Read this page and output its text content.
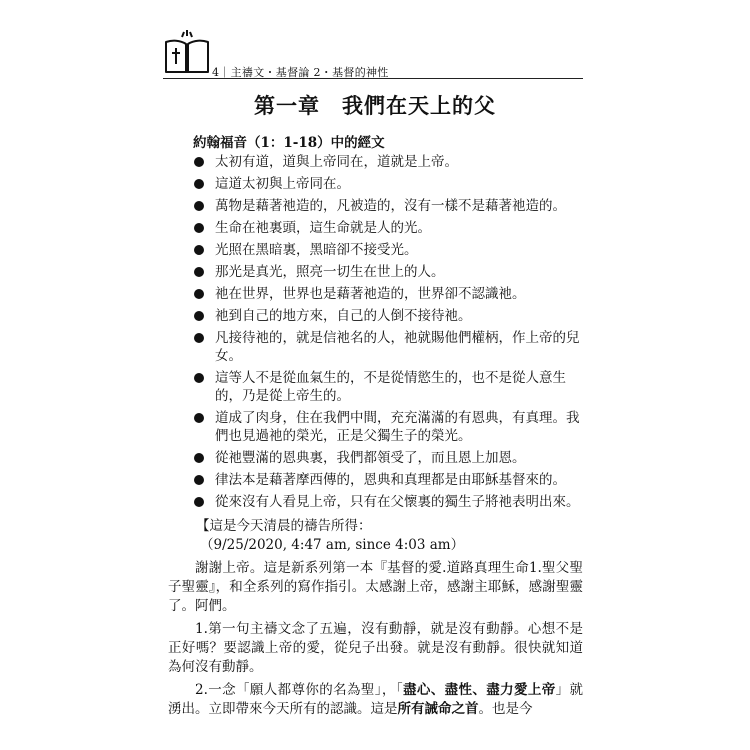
4｜主禱文・基督論 2・基督的神性
第一章　我們在天上的父
約翰福音（1：1-18）中的經文
太初有道，道與上帝同在，道就是上帝。
這道太初與上帝同在。
萬物是藉著祂造的，凡被造的，沒有一樣不是藉著祂造的。
生命在祂裏頭，這生命就是人的光。
光照在黑暗裏，黑暗卻不接受光。
那光是真光，照亮一切生在世上的人。
祂在世界，世界也是藉著祂造的，世界卻不認識祂。
祂到自己的地方來，自己的人倒不接待祂。
凡接待祂的，就是信祂名的人，祂就賜他們權柄，作上帝的兒女。
這等人不是從血氣生的，不是從情慾生的，也不是從人意生的，乃是從上帝生的。
道成了肉身，住在我們中間，充充滿滿的有恩典，有真理。我們也見過祂的榮光，正是父獨生子的榮光。
從祂豐滿的恩典裏，我們都領受了，而且恩上加恩。
律法本是藉著摩西傳的，恩典和真理都是由耶穌基督來的。
從來沒有人看見上帝，只有在父懷裏的獨生子將祂表明出來。

【這是今天清晨的禱告所得：

（9/25/2020, 4:47 am, since 4:03 am）

謝謝上帝。這是新系列第一本『基督的愛.道路真理生命1.聖父聖子聖靈』，和全系列的寫作指引。太感謝上帝，感謝主耶穌，感謝聖靈了。阿們。

1.第一句主禱文念了五遍，沒有動靜，就是沒有動靜。心想不是正好嗎？要認識上帝的愛，從兒子出發。就是沒有動靜。很快就知道為何沒有動靜。

2.一念「願人都尊你的名為聖」，「盡心、盡性、盡力愛上帝」就湧出。立即帶來今天所有的認識。這是所有誡命之首。也是今
